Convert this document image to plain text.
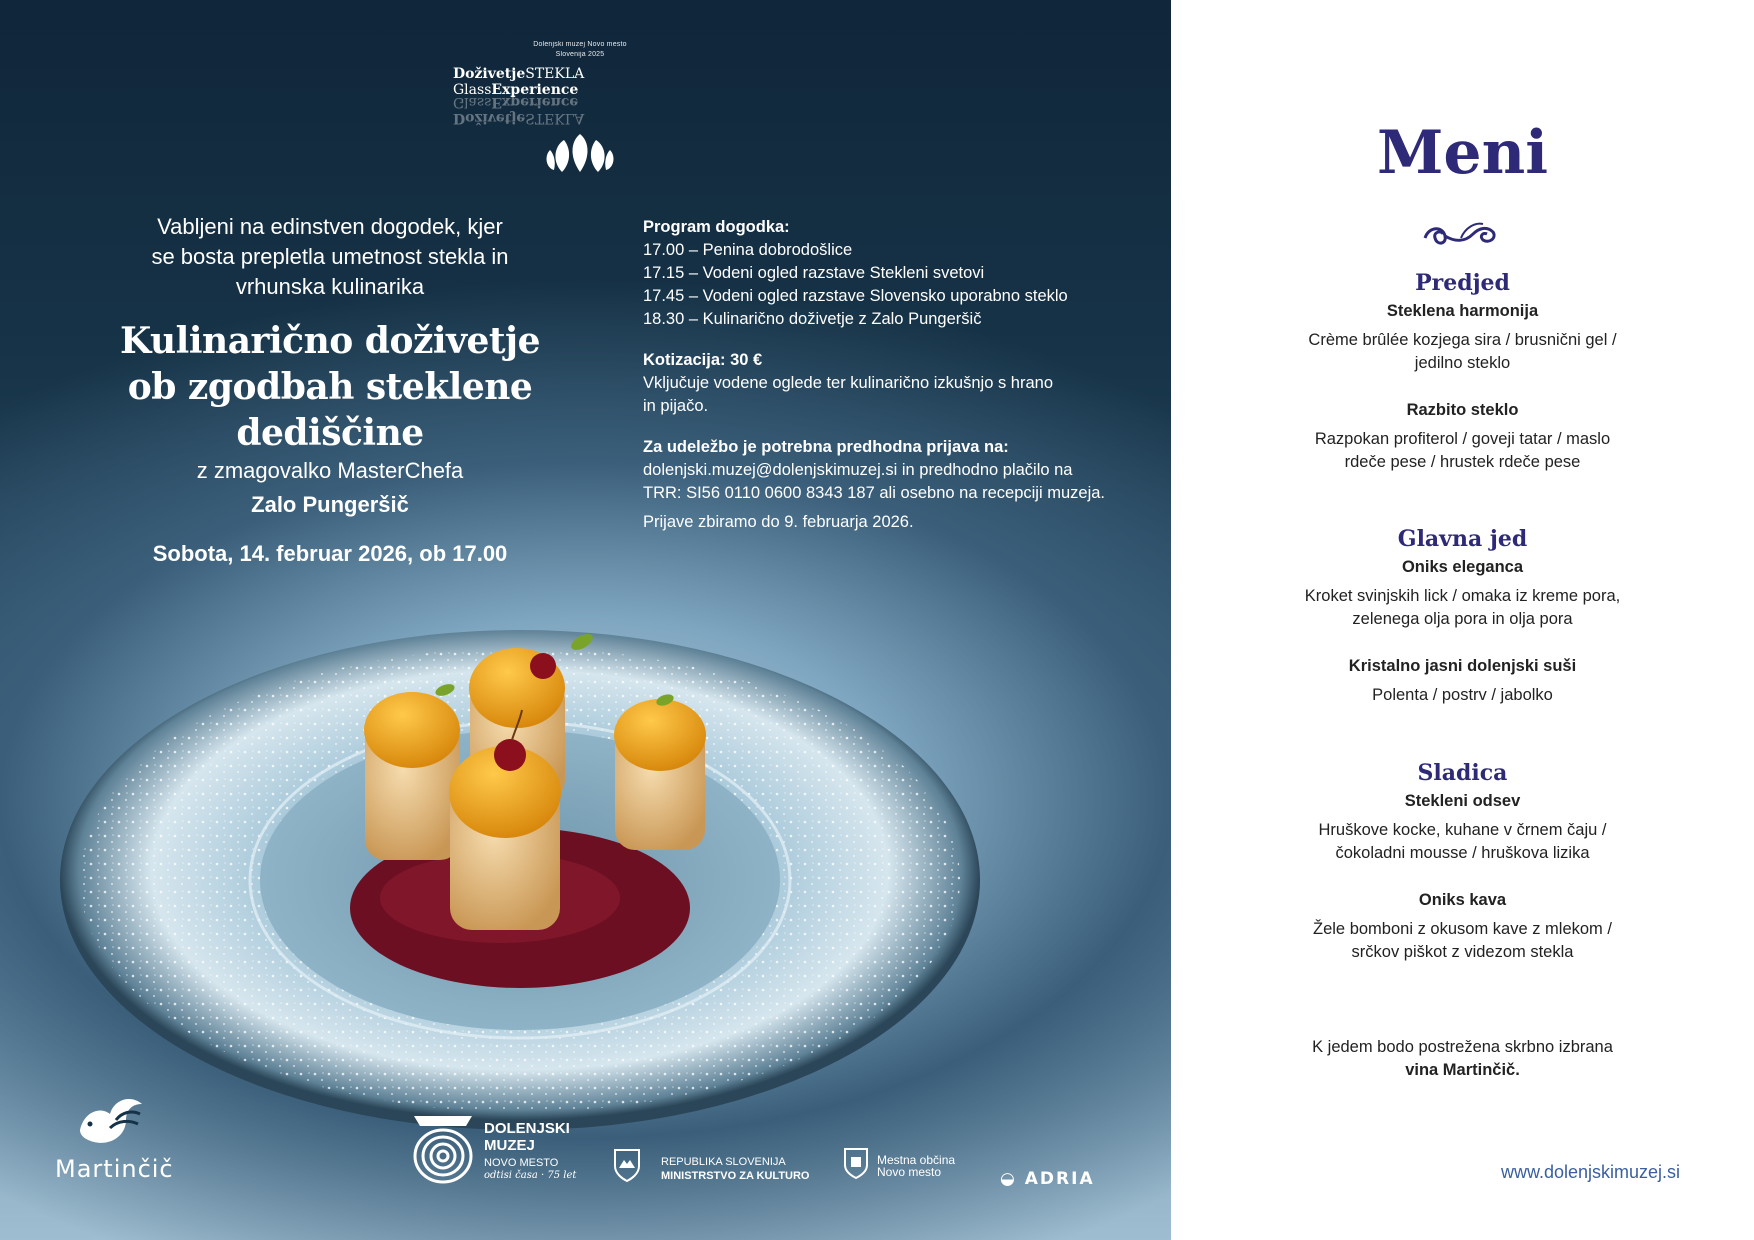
Dolenjski muzej Novo mesto
Slovenija 2025
DoživetjeSTEKLA GlassExperience
DoživetjeSTEKLA GlassExperience
Vabljeni na edinstven dogodek, kjer
se bosta prepletla umetnost stekla in
vrhunska kulinarika
Kulinarično doživetje
ob zgodbah steklene
dediščine
z zmagovalko MasterChefa
Zalo Pungeršič
Sobota, 14. februar 2026, ob 17.00
Program dogodka:
17.00 – Penina dobrodošlice
17.15 – Vodeni ogled razstave Stekleni svetovi
17.45 – Vodeni ogled razstave Slovensko uporabno steklo
18.30 – Kulinarično doživetje z Zalo Pungeršič
Kotizacija: 30 €
Vključuje vodene oglede ter kulinarično izkušnjo s hrano
in pijačo.
Za udeležbo je potrebna predhodna prijava na:
dolenjski.muzej@dolenjskimuzej.si in predhodno plačilo na
TRR: SI56 0110 0600 8343 187 ali osebno na recepciji muzeja.
Prijave zbiramo do 9. februarja 2026.
Martinčič
DOLENJSKI
MUZEJ
NOVO MESTO
odtisi časa · 75 let
REPUBLIKA SLOVENIJA
MINISTRSTVO ZA KULTURO
Mestna občina
Novo mesto	◒ ADRIA
Meni
Predjed
Steklena harmonija
Crème brûlée kozjega sira / brusnični gel /
jedilno steklo
Razbito steklo
Razpokan profiterol / goveji tatar / maslo
rdeče pese / hrustek rdeče pese
Glavna jed
Oniks eleganca
Kroket svinjskih lick / omaka iz kreme pora,
zelenega olja pora in olja pora
Kristalno jasni dolenjski suši
Polenta / postrv / jabolko
Sladica
Stekleni odsev
Hruškove kocke, kuhane v črnem čaju /
čokoladni mousse / hruškova lizika
Oniks kava
Žele bomboni z okusom kave z mlekom /
srčkov piškot z videzom stekla
K jedem bodo postrežena skrbno izbrana
vina Martinčič.
www.dolenjskimuzej.si
